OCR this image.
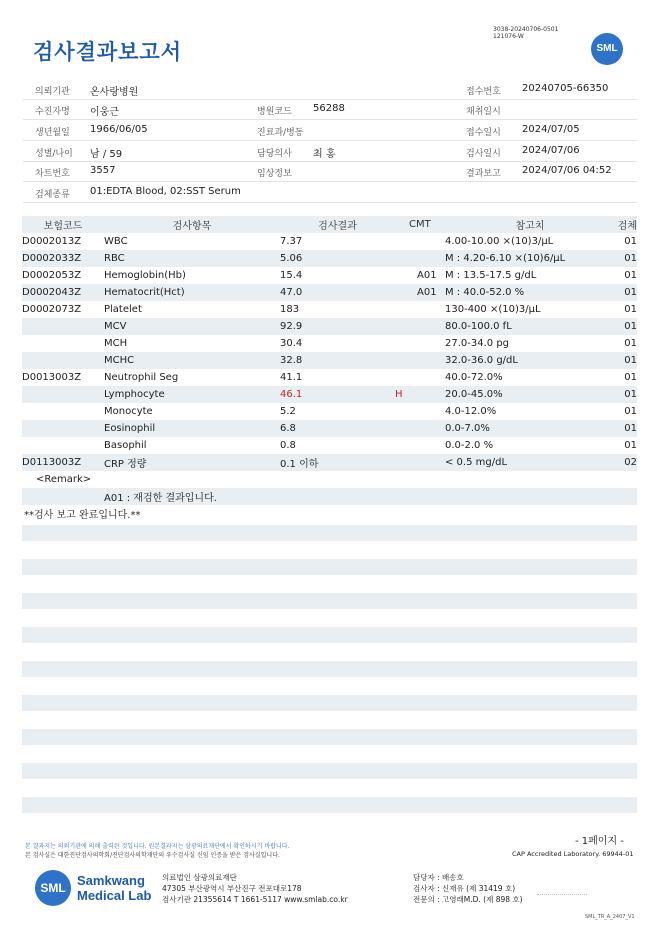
검사결과보고서
3038-20240706-0501
121076-W
SML
의뢰기관 온사랑병원	접수번호 20240705-66350
수진자명 이웅근	병원코드 56288	채취일시
생년월일 1966/06/05	진료과/병동	접수일시 2024/07/05
성별/나이 남 / 59	담당의사 최 홍	검사일시 2024/07/06
차트번호 3557	임상정보	결과보고 2024/07/06 04:52
검체종류 01:EDTA Blood, 02:SST Serum
보험코드	검사항목	검사결과	CMT	참고치	검체
D0002013Z	WBC	7.37		4.00-10.00 ×(10)3/µL	01
D0002033Z	RBC	5.06		M : 4.20-6.10 ×(10)6/µL	01
D0002053Z	Hemoglobin(Hb)	15.4	A01	M : 13.5-17.5 g/dL	01
D0002043Z	Hematocrit(Hct)	47.0	A01	M : 40.0-52.0 %	01
D0002073Z	Platelet	183		130-400 ×(10)3/µL	01
	MCV	92.9		80.0-100.0 fL	01
	MCH	30.4		27.0-34.0 pg	01
	MCHC	32.8		32.0-36.0 g/dL	01
D0013003Z	Neutrophil Seg	41.1		40.0-72.0%	01
	Lymphocyte	46.1	H	20.0-45.0%	01
	Monocyte	5.2		4.0-12.0%	01
	Eosinophil	6.8		0.0-7.0%	01
	Basophil	0.8		0.0-2.0 %	01
D0113003Z	CRP 정량	0.1 이하		< 0.5 mg/dL	02
<Remark>					
	A01 : 재검한 결과입니다.				
**검사 보고 완료입니다.**					
- 1페이지 -
본 결과지는 의뢰기관에 의해 출력된 것입니다. 원본결과지는 삼광의료재단에서 확인하시기 바랍니다.
본 검사실은 대한진단검사의학회/진단검사의학재단의 우수검사실 신임 인증을 받은 검사실입니다.	CAP Accredited Laboratory. 69944-01
SML Samkwang
Medical Lab
의료법인 삼광의료재단
47305 부산광역시 부산진구 전포대로178
검사기관 21355614 T 1661-5117 www.smlab.co.kr
담당자 : 배송호
검사자 : 신재유 (제 31419 호)
전문의 : 고영래M.D. (제 898 호)
SML_TR_A_2407_V1
